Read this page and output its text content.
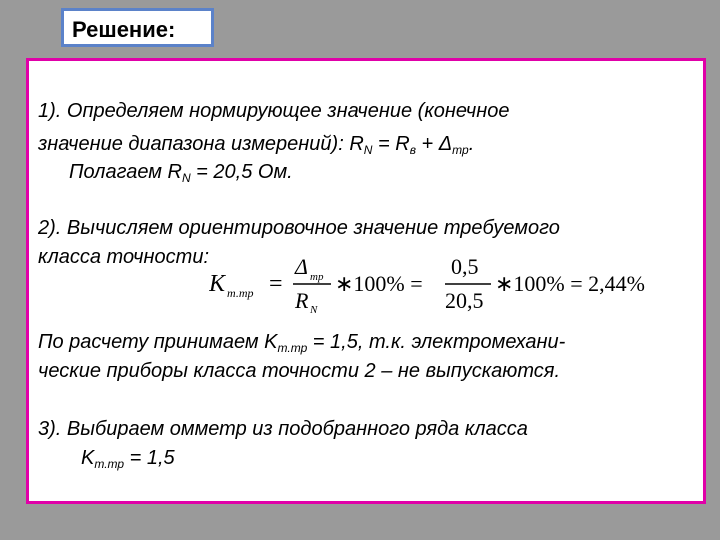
Решение:
1). Определяем нормирующее значение (конечное
значение диапазона измерений): $R_N = R_в + \Delta_{тр}$.
Полагаем $R_N = 20,5$ Ом.
2). Вычисляем ориентировочное значение требуемого
класса точности:
K т.тр =
Δ тр
R N
∗100% =
0,5
20,5
∗100% = 2,44%
По расчету принимаем $K_{т.тр} = 1,5$, т.к. электромехани-
ческие приборы класса точности 2 – не выпускаются.
3). Выбираем омметр из подобранного ряда класса
$K_{т.тр} = 1,5$
